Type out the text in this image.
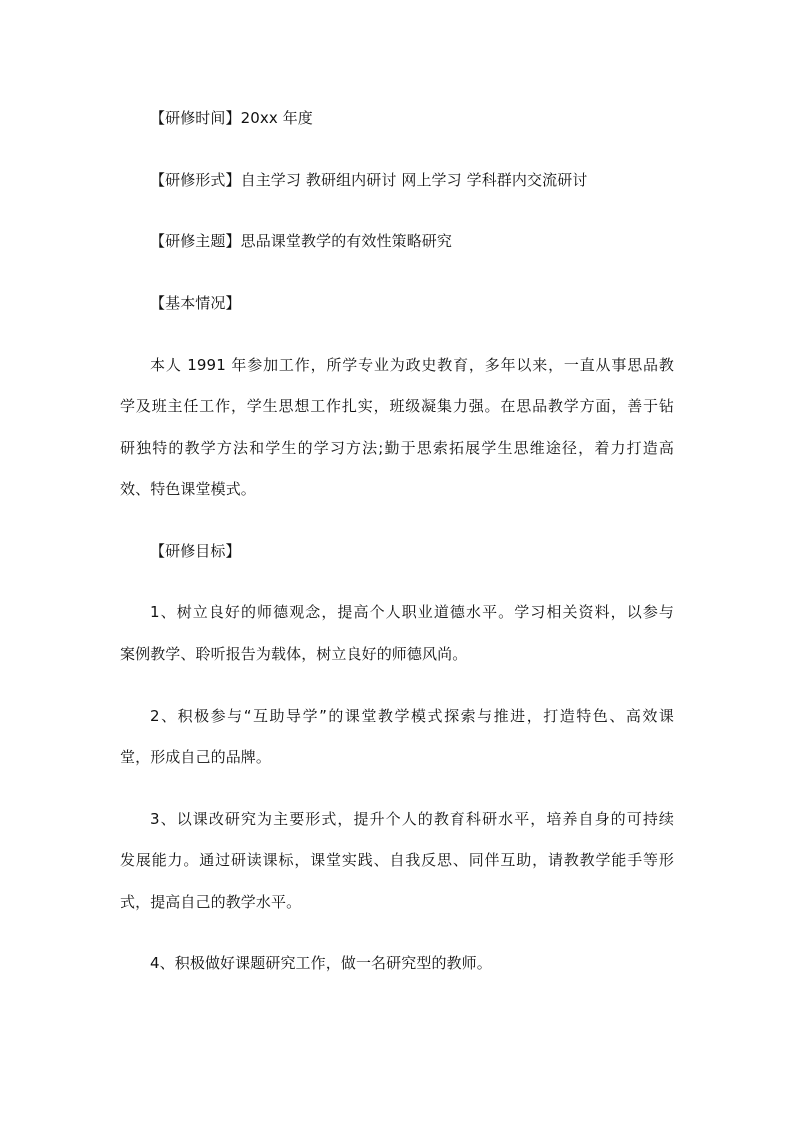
【研修时间】20xx 年度
【研修形式】自主学习 教研组内研讨 网上学习 学科群内交流研讨
【研修主题】思品课堂教学的有效性策略研究
【基本情况】
本人 1991 年参加工作，所学专业为政史教育，多年以来，一直从事思品教
学及班主任工作，学生思想工作扎实，班级凝集力强。在思品教学方面，善于钻
研独特的教学方法和学生的学习方法;勤于思索拓展学生思维途径，着力打造高
效、特色课堂模式。
【研修目标】
1、树立良好的师德观念，提高个人职业道德水平。学习相关资料，以参与
案例教学、聆听报告为载体，树立良好的师德风尚。
2、积极参与“互助导学”的课堂教学模式探索与推进，打造特色、高效课
堂，形成自己的品牌。
3、以课改研究为主要形式，提升个人的教育科研水平，培养自身的可持续
发展能力。通过研读课标，课堂实践、自我反思、同伴互助，请教教学能手等形
式，提高自己的教学水平。
4、积极做好课题研究工作，做一名研究型的教师。
